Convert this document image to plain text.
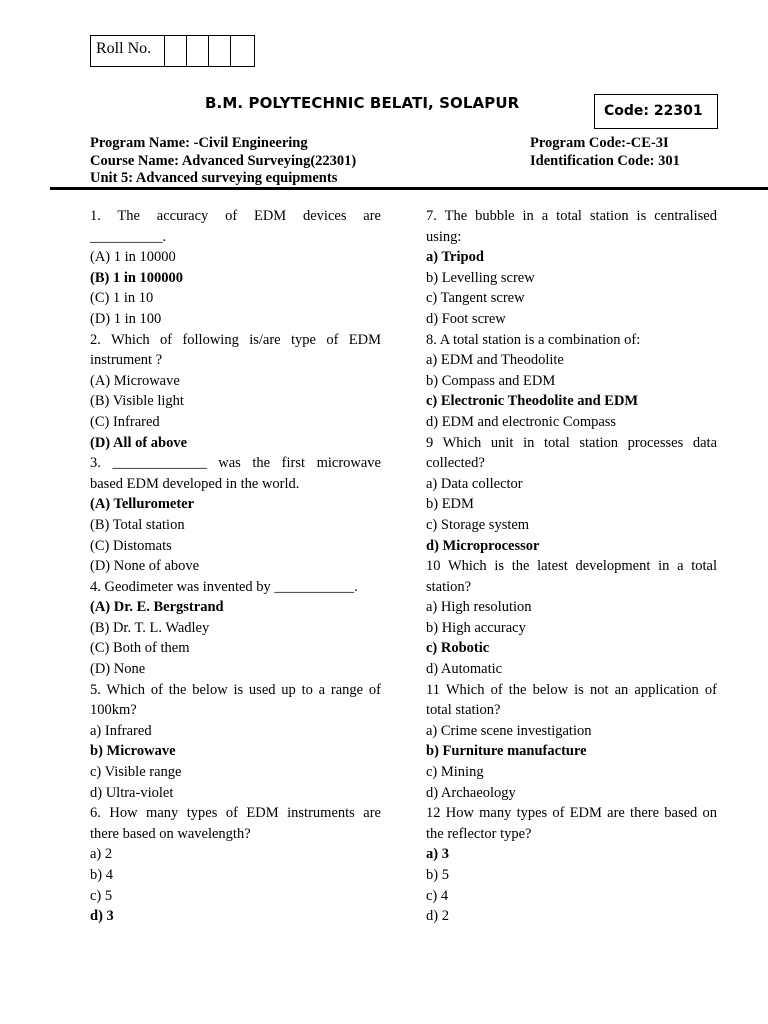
Roll No.
B.M. POLYTECHNIC BELATI, SOLAPUR	Code: 22301
Program Name: -Civil Engineering
Course Name: Advanced Surveying(22301)
Unit 5: Advanced surveying equipments
Program Code:-CE-3I
Identification Code: 301
1. The accuracy of EDM devices are
__________.
(A) 1 in 10000
(B) 1 in 100000
(C) 1 in 10
(D) 1 in 100
2. Which of following is/are type of EDM
instrument ?
(A) Microwave
(B) Visible light
(C) Infrared
(D) All of above
3. _____________ was the first microwave
based EDM developed in the world.
(A) Tellurometer
(B) Total station
(C) Distomats
(D) None of above
4. Geodimeter was invented by ___________.
(A) Dr. E. Bergstrand
(B) Dr. T. L. Wadley
(C) Both of them
(D) None
5. Which of the below is used up to a range of
100km?
a) Infrared
b) Microwave
c) Visible range
d) Ultra-violet
6. How many types of EDM instruments are
there based on wavelength?
a) 2
b) 4
c) 5
d) 3
7. The bubble in a total station is centralised
using:
a) Tripod
b) Levelling screw
c) Tangent screw
d) Foot screw
8. A total station is a combination of:
a) EDM and Theodolite
b) Compass and EDM
c) Electronic Theodolite and EDM
d) EDM and electronic Compass
9 Which unit in total station processes data
collected?
a) Data collector
b) EDM
c) Storage system
d) Microprocessor
10 Which is the latest development in a total
station?
a) High resolution
b) High accuracy
c) Robotic
d) Automatic
11 Which of the below is not an application of
total station?
a) Crime scene investigation
b) Furniture manufacture
c) Mining
d) Archaeology
12 How many types of EDM are there based on
the reflector type?
a) 3
b) 5
c) 4
d) 2
